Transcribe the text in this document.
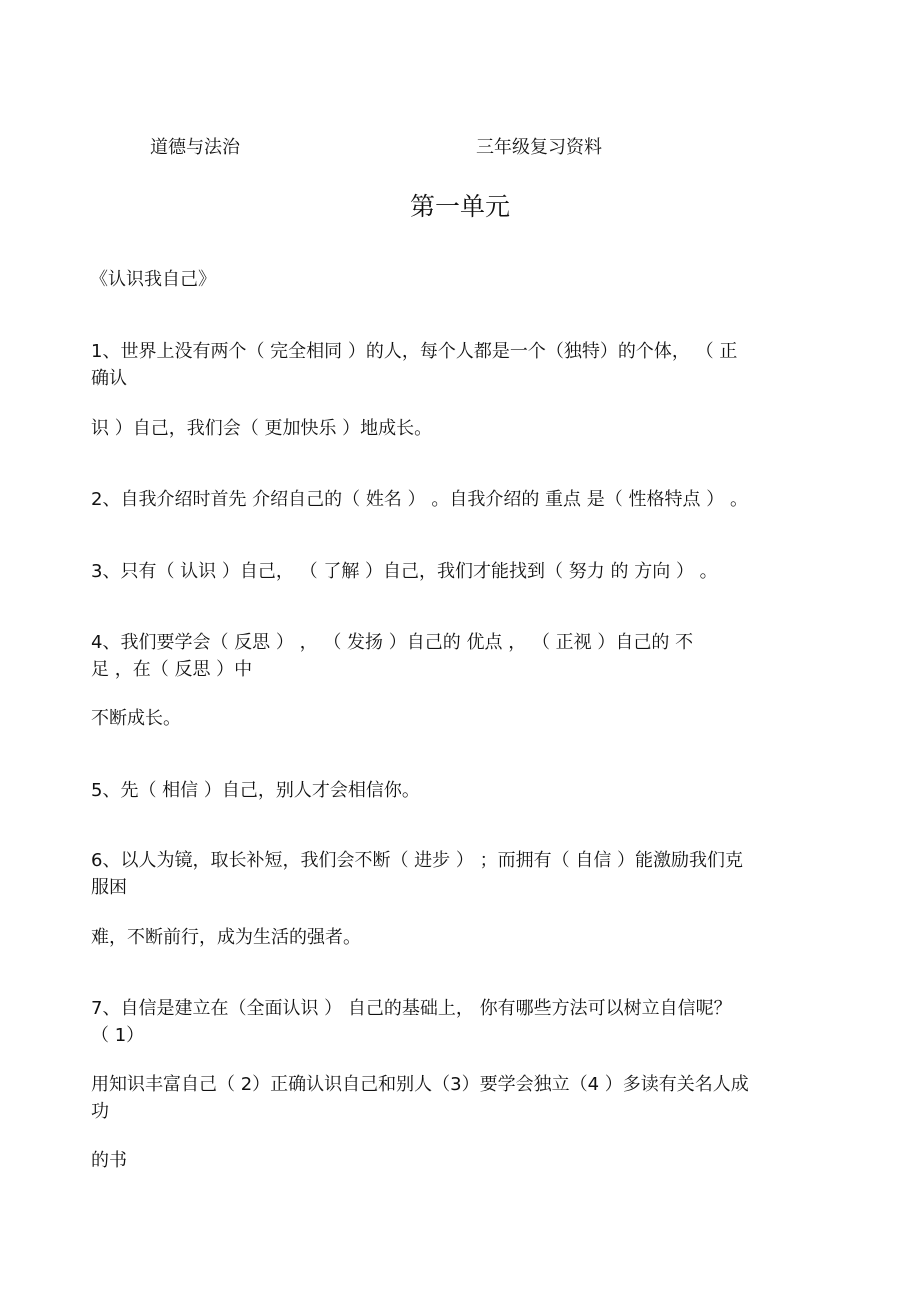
道德与法治	三年级复习资料
第一单元
《认识我自己》
1、世界上没有两个（ 完全相同 ）的人，每个人都是一个（独特）的个体， （ 正
确认
识 ）自己，我们会（ 更加快乐 ）地成长。
2、自我介绍时首先 介绍自己的（ 姓名 ） 。自我介绍的 重点 是（ 性格特点 ） 。
3、只有（ 认识 ）自己， （ 了解 ）自己，我们才能找到（ 努力 的 方向 ） 。
4、我们要学会（ 反思 ） ， （ 发扬 ）自己的 优点 ， （ 正视 ）自己的 不
足 ，在（ 反思 ）中
不断成长。
5、先（ 相信 ）自己，别人才会相信你。
6、以人为镜，取长补短，我们会不断（ 进步 ） ；而拥有（ 自信 ）能激励我们克
服困
难，不断前行，成为生活的强者。
7、自信是建立在（全面认识 ） 自己的基础上， 你有哪些方法可以树立自信呢？
（ 1）
用知识丰富自己（ 2）正确认识自己和别人（3）要学会独立（4 ）多读有关名人成
功
的书
